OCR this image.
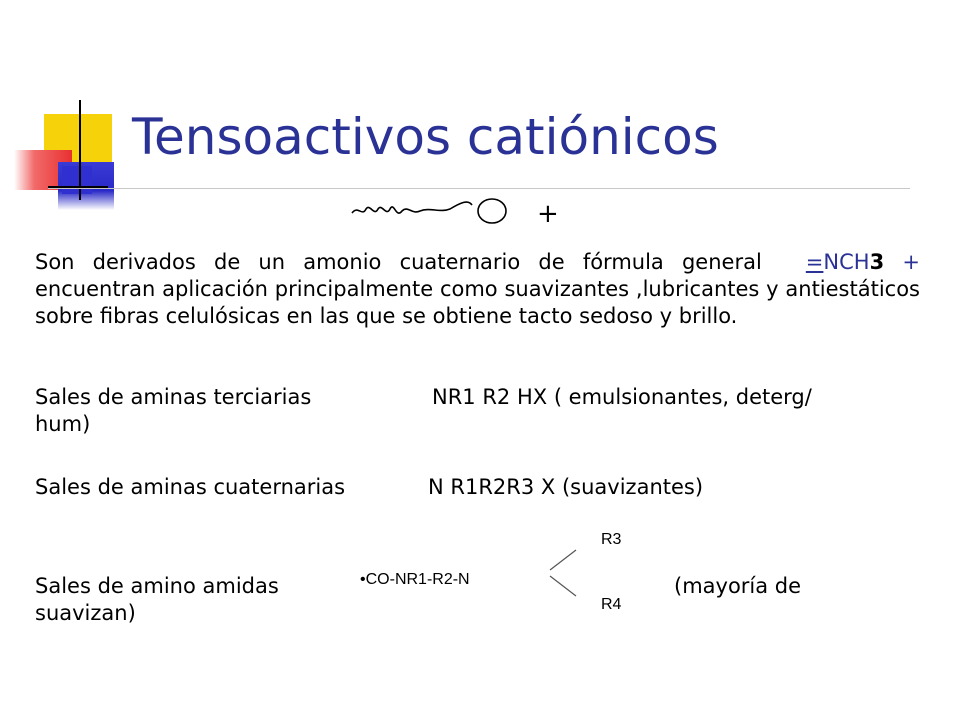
Tensoactivos catiónicos
+
Son derivados de un amonio cuaternario de fórmula general =NCH3 + encuentran aplicación principalmente como suavizantes ,lubricantes y antiestáticos sobre fibras celulósicas en las que se obtiene tacto sedoso y brillo.
Sales de aminas terciarias	NR1 R2 HX ( emulsionantes, deterg/
hum)
Sales de aminas cuaternarias	N R1R2R3 X (suavizantes)
Sales de amino amidas	•CO-NR1-R2-N
R3
R4
(mayoría de
suavizan)
